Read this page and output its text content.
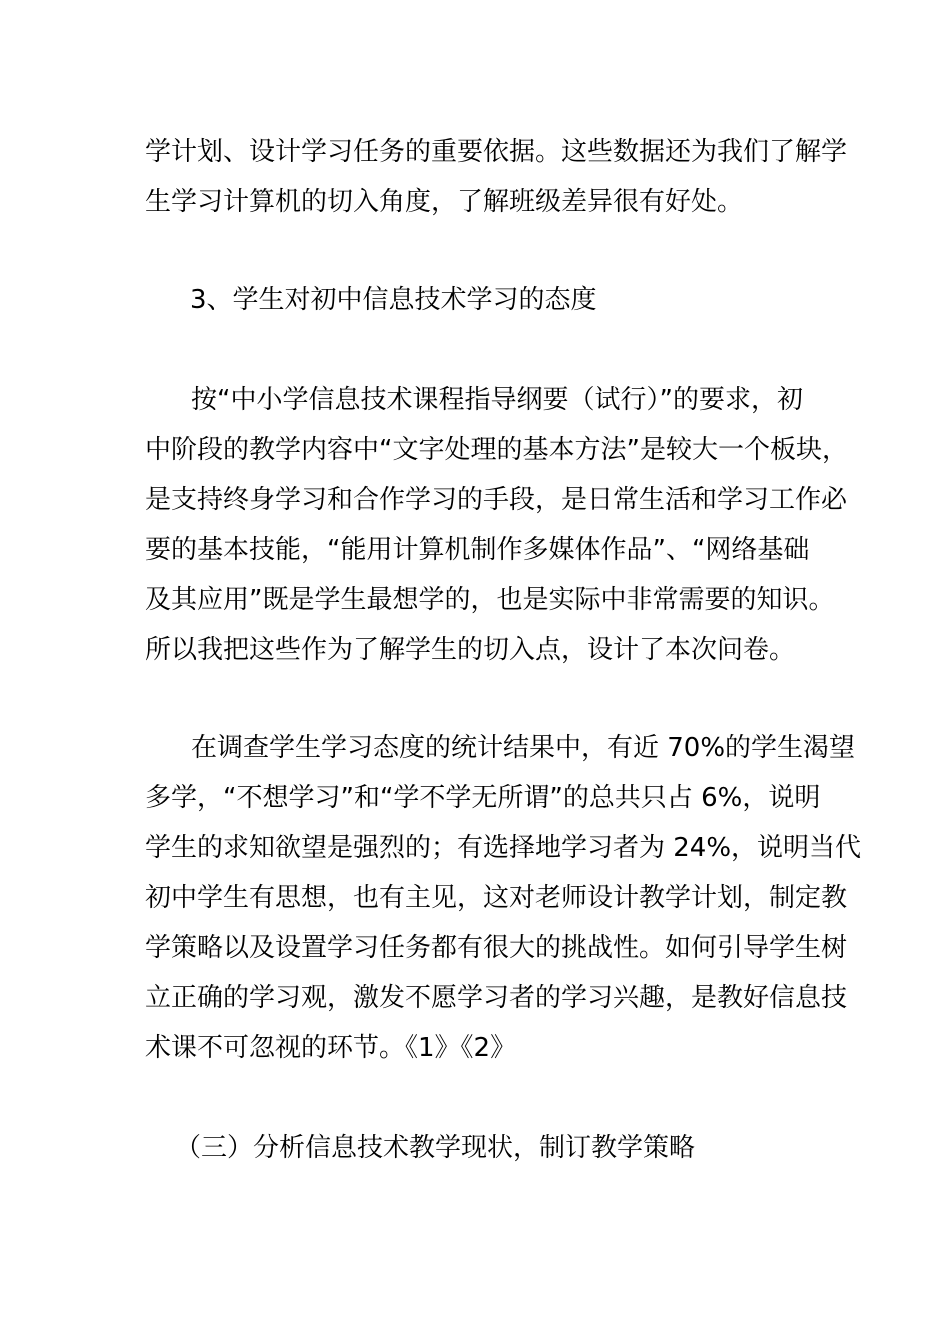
学计划、设计学习任务的重要依据。这些数据还为我们了解学

生学习计算机的切入角度，了解班级差异很有好处。

3、学生对初中信息技术学习的态度

按“中小学信息技术课程指导纲要（试行）”的要求，初

中阶段的教学内容中“文字处理的基本方法”是较大一个板块，

是支持终身学习和合作学习的手段，是日常生活和学习工作必

要的基本技能，“能用计算机制作多媒体作品”、“网络基础

及其应用”既是学生最想学的，也是实际中非常需要的知识。

所以我把这些作为了解学生的切入点，设计了本次问卷。

在调查学生学习态度的统计结果中，有近 70%的学生渴望

多学，“不想学习”和“学不学无所谓”的总共只占 6%，说明

学生的求知欲望是强烈的；有选择地学习者为 24%，说明当代

初中学生有思想，也有主见，这对老师设计教学计划，制定教

学策略以及设置学习任务都有很大的挑战性。如何引导学生树

立正确的学习观，激发不愿学习者的学习兴趣，是教好信息技

术课不可忽视的环节。《1》《2》

（三）分析信息技术教学现状，制订教学策略
